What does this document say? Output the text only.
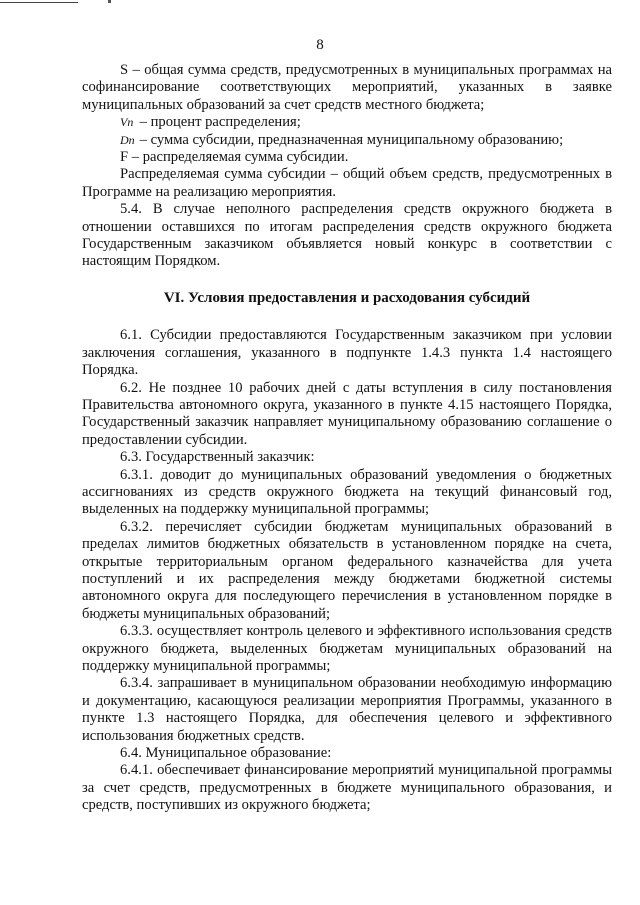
8

S – общая сумма средств, предусмотренных в муниципальных программах на софинансирование соответствующих мероприятий, указанных в заявке муниципальных образований за счет средств местного бюджета;

Vn – процент распределения;

Dn – сумма субсидии, предназначенная муниципальному образованию;

F – распределяемая сумма субсидии.

Распределяемая сумма субсидии – общий объем средств, предусмотренных в Программе на реализацию мероприятия.

5.4. В случае неполного распределения средств окружного бюджета в отношении оставшихся по итогам распределения средств окружного бюджета Государственным заказчиком объявляется новый конкурс в соответствии с настоящим Порядком.

VI. Условия предоставления и расходования субсидий

6.1. Субсидии предоставляются Государственным заказчиком при условии заключения соглашения, указанного в подпункте 1.4.3 пункта 1.4 настоящего Порядка.

6.2. Не позднее 10 рабочих дней с даты вступления в силу постановления Правительства автономного округа, указанного в пункте 4.15 настоящего Порядка, Государственный заказчик направляет муниципальному образованию соглашение о предоставлении субсидии.

6.3. Государственный заказчик:

6.3.1. доводит до муниципальных образований уведомления о бюджетных ассигнованиях из средств окружного бюджета на текущий финансовый год, выделенных на поддержку муниципальной программы;

6.3.2. перечисляет субсидии бюджетам муниципальных образований в пределах лимитов бюджетных обязательств в установленном порядке на счета, открытые территориальным органом федерального казначейства для учета поступлений и их распределения между бюджетами бюджетной системы автономного округа для последующего перечисления в установленном порядке в бюджеты муниципальных образований;

6.3.3. осуществляет контроль целевого и эффективного использования средств окружного бюджета, выделенных бюджетам муниципальных образований на поддержку муниципальной программы;

6.3.4. запрашивает в муниципальном образовании необходимую информацию и документацию, касающуюся реализации мероприятия Программы, указанного в пункте 1.3 настоящего Порядка, для обеспечения целевого и эффективного использования бюджетных средств.

6.4. Муниципальное образование:

6.4.1. обеспечивает финансирование мероприятий муниципальной программы за счет средств, предусмотренных в бюджете муниципального образования, и средств, поступивших из окружного бюджета;
